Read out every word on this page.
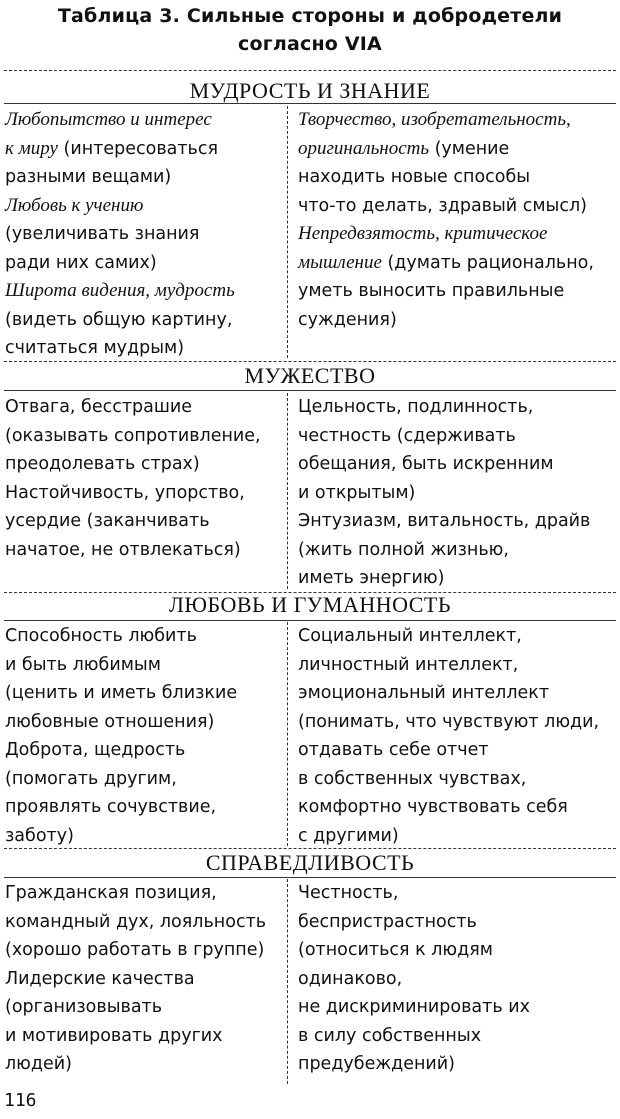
Таблица 3. Сильные стороны и добродетели
согласно VIA
МУДРОСТЬ И ЗНАНИЕ
Любопытство и интерес
к миру (интересоваться
разными вещами)
Любовь к учению
(увеличивать знания
ради них самих)
Широта видения, мудрость
(видеть общую картину,
считаться мудрым)
Творчество, изобретательность,
оригинальность (умение
находить новые способы
что-то делать, здравый смысл)
Непредвзятость, критическое
мышление (думать рационально,
уметь выносить правильные
суждения)
МУЖЕСТВО
Отвага, бесстрашие
(оказывать сопротивление,
преодолевать страх)
Настойчивость, упорство,
усердие (заканчивать
начатое, не отвлекаться)
Цельность, подлинность,
честность (сдерживать
обещания, быть искренним
и открытым)
Энтузиазм, витальность, драйв
(жить полной жизнью,
иметь энергию)
ЛЮБОВЬ И ГУМАННОСТЬ
Способность любить
и быть любимым
(ценить и иметь близкие
любовные отношения)
Доброта, щедрость
(помогать другим,
проявлять сочувствие,
заботу)
Социальный интеллект,
личностный интеллект,
эмоциональный интеллект
(понимать, что чувствуют люди,
отдавать себе отчет
в собственных чувствах,
комфортно чувствовать себя
с другими)
СПРАВЕДЛИВОСТЬ
Гражданская позиция,
командный дух, лояльность
(хорошо работать в группе)
Лидерские качества
(организовывать
и мотивировать других
людей)
Честность,
беспристрастность
(относиться к людям
одинаково,
не дискриминировать их
в силу собственных
предубеждений)
116
